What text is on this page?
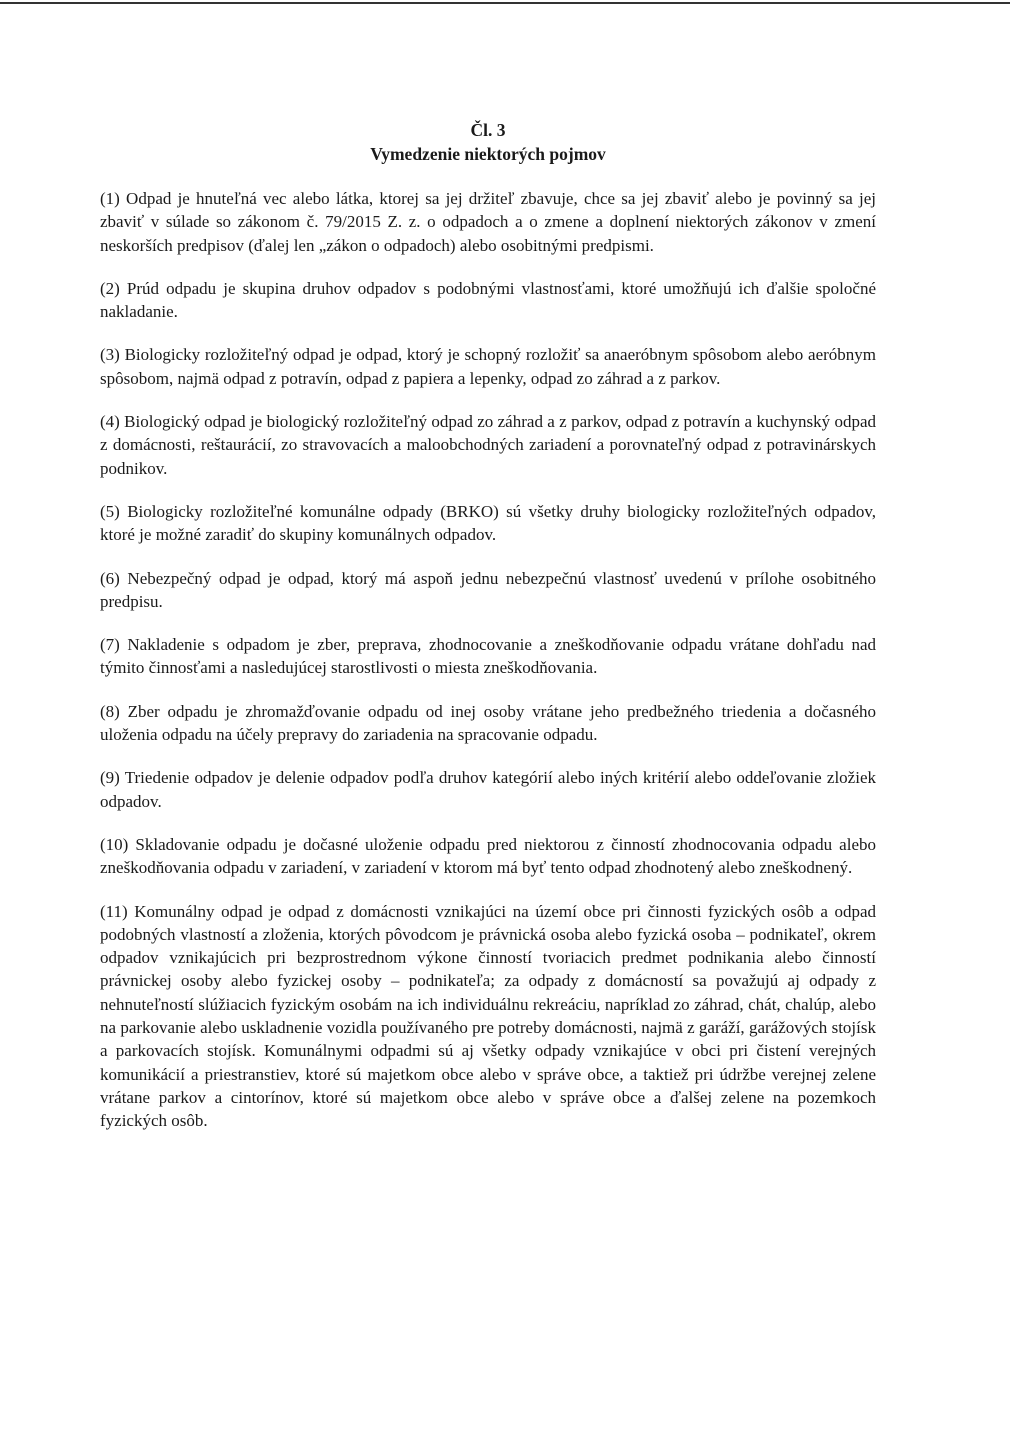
Čl. 3
Vymedzenie niektorých pojmov

(1) Odpad je hnuteľná vec alebo látka, ktorej sa jej držiteľ zbavuje, chce sa jej zbaviť alebo je povinný sa jej zbaviť v súlade so zákonom č. 79/2015 Z. z. o odpadoch a o zmene a doplnení niektorých zákonov v zmení neskorších predpisov (ďalej len „zákon o odpadoch) alebo osobitnými predpismi.

(2) Prúd odpadu je skupina druhov odpadov s podobnými vlastnosťami, ktoré umožňujú ich ďalšie spoločné nakladanie.

(3) Biologicky rozložiteľný odpad je odpad, ktorý je schopný rozložiť sa anaeróbnym spôsobom alebo aeróbnym spôsobom, najmä odpad z potravín, odpad z papiera a lepenky, odpad zo záhrad a z parkov.

(4) Biologický odpad je biologický rozložiteľný odpad zo záhrad a z parkov, odpad z potravín a kuchynský odpad z domácnosti, reštaurácií, zo stravovacích a maloobchodných zariadení a porovnateľný odpad z potravinárskych podnikov.

(5) Biologicky rozložiteľné komunálne odpady (BRKO) sú všetky druhy biologicky rozložiteľných odpadov, ktoré je možné zaradiť do skupiny komunálnych odpadov.

(6) Nebezpečný odpad je odpad, ktorý má aspoň jednu nebezpečnú vlastnosť uvedenú v prílohe osobitného predpisu.

(7) Nakladenie s odpadom je zber, preprava, zhodnocovanie a zneškodňovanie odpadu vrátane dohľadu nad týmito činnosťami a nasledujúcej starostlivosti o miesta zneškodňovania.

(8) Zber odpadu je zhromažďovanie odpadu od inej osoby vrátane jeho predbežného triedenia a dočasného uloženia odpadu na účely prepravy do zariadenia na spracovanie odpadu.

(9) Triedenie odpadov je delenie odpadov podľa druhov kategórií alebo iných kritérií alebo oddeľovanie zložiek odpadov.

(10) Skladovanie odpadu je dočasné uloženie odpadu pred niektorou z činností zhodnocovania odpadu alebo zneškodňovania odpadu v zariadení, v zariadení v ktorom má byť tento odpad zhodnotený alebo zneškodnený.

(11) Komunálny odpad je odpad z domácnosti vznikajúci na území obce pri činnosti fyzických osôb a odpad podobných vlastností a zloženia, ktorých pôvodcom je právnická osoba alebo fyzická osoba – podnikateľ, okrem odpadov vznikajúcich pri bezprostrednom výkone činností tvoriacich predmet podnikania alebo činností právnickej osoby alebo fyzickej osoby – podnikateľa; za odpady z domácností sa považujú aj odpady z nehnuteľností slúžiacich fyzickým osobám na ich individuálnu rekreáciu, napríklad zo záhrad, chát, chalúp, alebo na parkovanie alebo uskladnenie vozidla používaného pre potreby domácnosti, najmä z garáží, garážových stojísk a parkovacích stojísk. Komunálnymi odpadmi sú aj všetky odpady vznikajúce v obci pri čistení verejných komunikácií a priestranstiev, ktoré sú majetkom obce alebo v správe obce, a taktiež pri údržbe verejnej zelene vrátane parkov a cintorínov, ktoré sú majetkom obce alebo v správe obce a ďalšej zelene na pozemkoch fyzických osôb.
